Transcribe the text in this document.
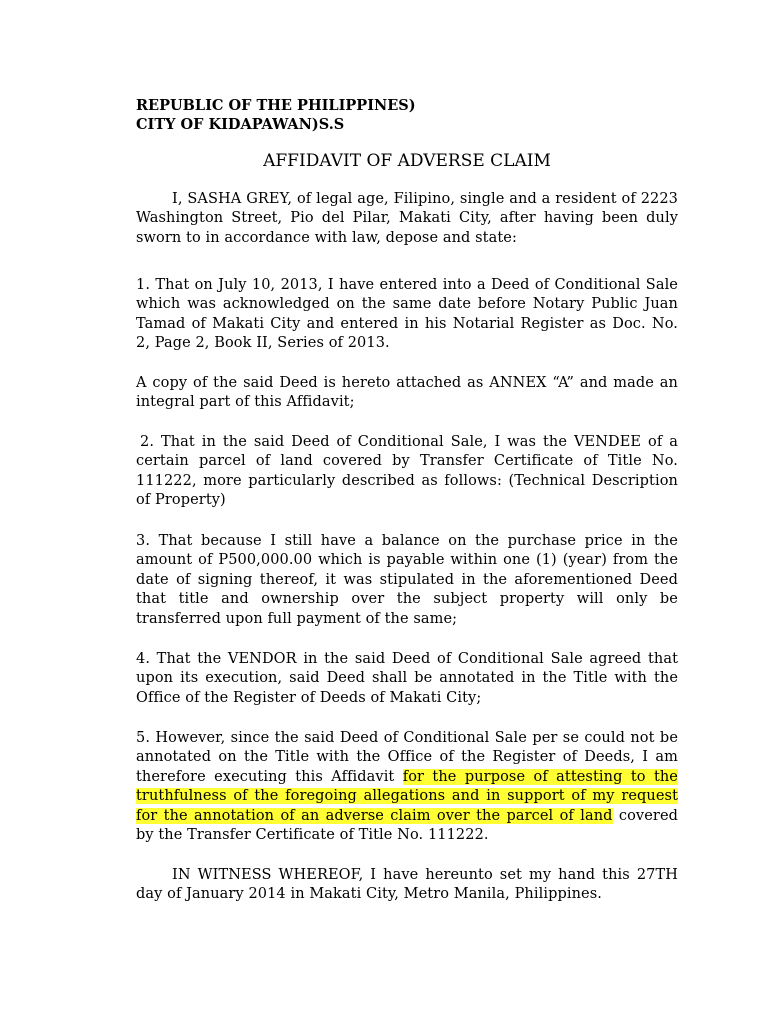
REPUBLIC OF THE PHILIPPINES)
CITY OF KIDAPAWAN)S.S
AFFIDAVIT OF ADVERSE CLAIM

I, SASHA GREY, of legal age, Filipino, single and a resident of 2223 Washington Street, Pio del Pilar, Makati City, after having been duly sworn to in accordance with law, depose and state:

1. That on July 10, 2013, I have entered into a Deed of Conditional Sale which was acknowledged on the same date before Notary Public Juan Tamad of Makati City and entered in his Notarial Register as Doc. No. 2, Page 2, Book II, Series of 2013.

A copy of the said Deed is hereto attached as ANNEX “A” and made an integral part of this Affidavit;

2. That in the said Deed of Conditional Sale, I was the VENDEE of a certain parcel of land covered by Transfer Certificate of Title No. 111222, more particularly described as follows: (Technical Description of Property)

3. That because I still have a balance on the purchase price in the amount of P500,000.00 which is payable within one (1) (year) from the date of signing thereof, it was stipulated in the aforementioned Deed that title and ownership over the subject property will only be transferred upon full payment of the same;

4. That the VENDOR in the said Deed of Conditional Sale agreed that upon its execution, said Deed shall be annotated in the Title with the Office of the Register of Deeds of Makati City;

5. However, since the said Deed of Conditional Sale per se could not be annotated on the Title with the Office of the Register of Deeds, I am therefore executing this Affidavit for the purpose of attesting to the truthfulness of the foregoing allegations and in support of my request for the annotation of an adverse claim over the parcel of land covered by the Transfer Certificate of Title No. 111222.

IN WITNESS WHEREOF, I have hereunto set my hand this 27TH day of January 2014 in Makati City, Metro Manila, Philippines.
